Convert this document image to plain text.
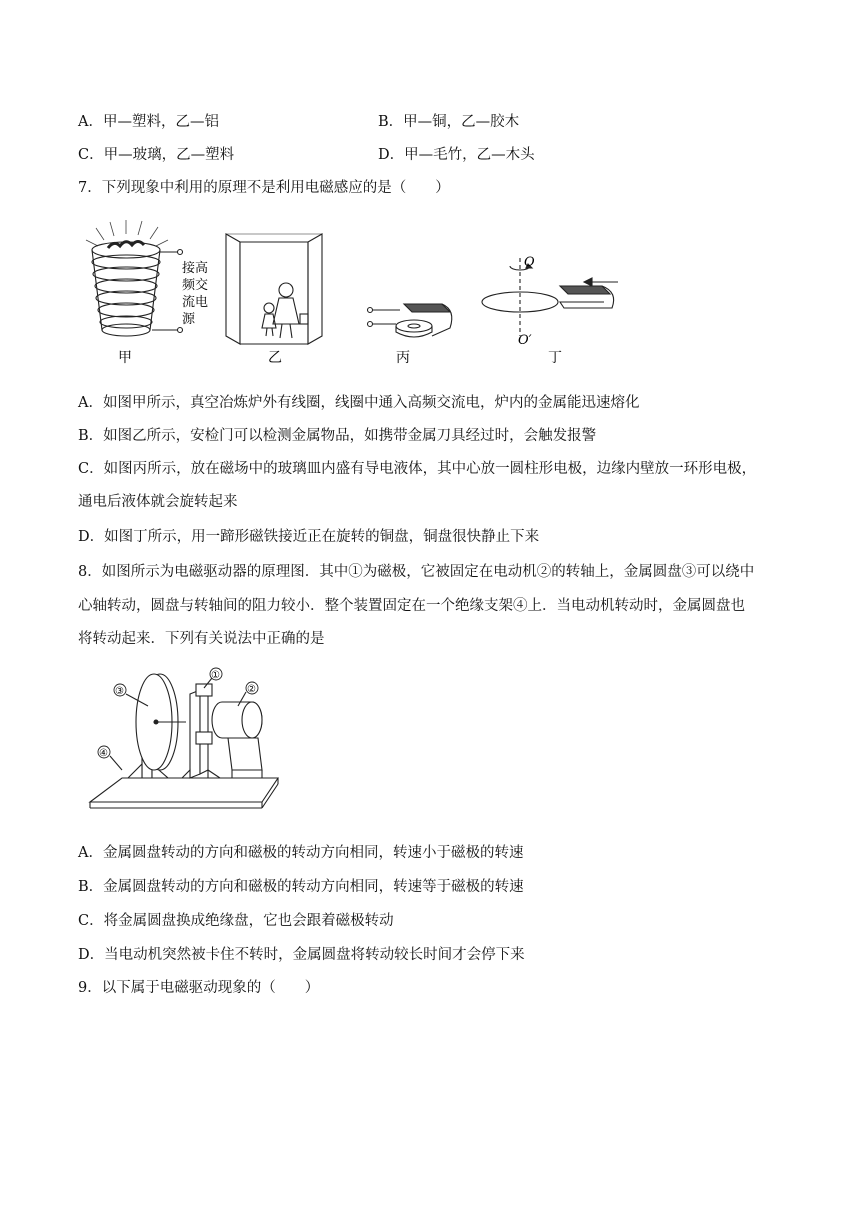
A．甲—塑料，乙—铝	B．甲—铜，乙—胶木
C．甲—玻璃，乙—塑料	D．甲—毛竹，乙—木头
7．下列现象中利用的原理不是利用电磁感应的是（　　）
接高
频交
流电
源
甲	乙	丙
O
O′
丁
A．如图甲所示，真空冶炼炉外有线圈，线圈中通入高频交流电，炉内的金属能迅速熔化
B．如图乙所示，安检门可以检测金属物品，如携带金属刀具经过时，会触发报警
C．如图丙所示，放在磁场中的玻璃皿内盛有导电液体，其中心放一圆柱形电极，边缘内壁放一环形电极，
通电后液体就会旋转起来
D．如图丁所示，用一蹄形磁铁接近正在旋转的铜盘，铜盘很快静止下来
8．如图所示为电磁驱动器的原理图．其中①为磁极，它被固定在电动机②的转轴上，金属圆盘③可以绕中
心轴转动，圆盘与转轴间的阻力较小．整个装置固定在一个绝缘支架④上．当电动机转动时，金属圆盘也
将转动起来．下列有关说法中正确的是
③
①
②
④
A．金属圆盘转动的方向和磁极的转动方向相同，转速小于磁极的转速
B．金属圆盘转动的方向和磁极的转动方向相同，转速等于磁极的转速
C．将金属圆盘换成绝缘盘，它也会跟着磁极转动
D．当电动机突然被卡住不转时，金属圆盘将转动较长时间才会停下来
9．以下属于电磁驱动现象的（　　）
